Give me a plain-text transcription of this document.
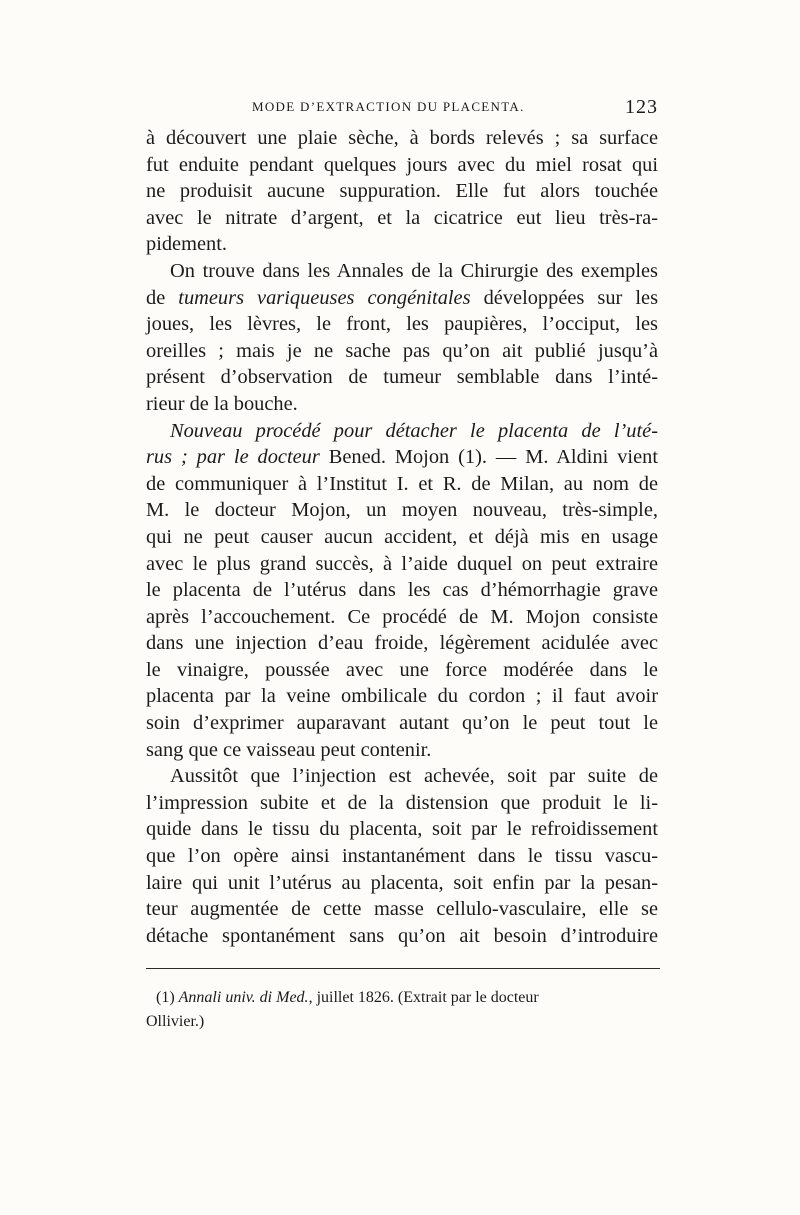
MODE D’EXTRACTION DU PLACENTA.	123
à découvert une plaie sèche, à bords relevés ; sa surface
fut enduite pendant quelques jours avec du miel rosat qui
ne produisit aucune suppuration. Elle fut alors touchée
avec le nitrate d’argent, et la cicatrice eut lieu très-ra-
pidement.
On trouve dans les Annales de la Chirurgie des exemples
de tumeurs variqueuses congénitales développées sur les
joues, les lèvres, le front, les paupières, l’occiput, les
oreilles ; mais je ne sache pas qu’on ait publié jusqu’à
présent d’observation de tumeur semblable dans l’inté-
rieur de la bouche.
Nouveau procédé pour détacher le placenta de l’uté-
rus ; par le docteur Bened. Mojon (1). — M. Aldini vient
de communiquer à l’Institut I. et R. de Milan, au nom de
M. le docteur Mojon, un moyen nouveau, très-simple,
qui ne peut causer aucun accident, et déjà mis en usage
avec le plus grand succès, à l’aide duquel on peut extraire
le placenta de l’utérus dans les cas d’hémorrhagie grave
après l’accouchement. Ce procédé de M. Mojon consiste
dans une injection d’eau froide, légèrement acidulée avec
le vinaigre, poussée avec une force modérée dans le
placenta par la veine ombilicale du cordon ; il faut avoir
soin d’exprimer auparavant autant qu’on le peut tout le
sang que ce vaisseau peut contenir.
Aussitôt que l’injection est achevée, soit par suite de
l’impression subite et de la distension que produit le li-
quide dans le tissu du placenta, soit par le refroidissement
que l’on opère ainsi instantanément dans le tissu vascu-
laire qui unit l’utérus au placenta, soit enfin par la pesan-
teur augmentée de cette masse cellulo-vasculaire, elle se
détache spontanément sans qu’on ait besoin d’introduire
(1) Annali univ. di Med., juillet 1826. (Extrait par le docteur
Ollivier.)
